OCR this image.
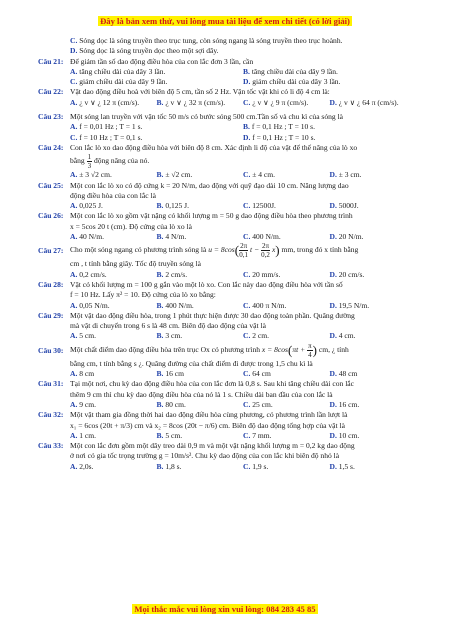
Đây là bản xem thử, vui lòng mua tài liệu để xem chi tiết (có lời giải)
C. Sóng dọc là sóng truyền theo trục tung, còn sóng ngang là sóng truyền theo trục hoành.
D. Sóng dọc là sóng truyền dọc theo một sợi dây.
Câu 21: Để giảm tần số dao động điều hòa của con lắc đơn 3 lần, cần
A. tăng chiều dài của dây 3 lần.	B. tăng chiều dài của dây 9 lần.
C. giảm chiều dài của dây 9 lần.	D. giảm chiều dài của dây 3 lần.
Câu 22: Vật dao động điều hoà với biên độ 5 cm, tần số 2 Hz. Vận tốc vật khi có li độ 4 cm là:
A. ¿ v ∨ ¿ 12 π (cm/s).	B. ¿ v ∨ ¿ 32 π (cm/s).	C. ¿ v ∨ ¿ 9 π (cm/s).	D. ¿ v ∨ ¿ 64 π (cm/s).
Câu 23: Một sóng lan truyền với vận tốc 50 m/s có bước sóng 500 cm.Tần số và chu kì của sóng là
A. f = 0,01 Hz ; T = 1 s.	B. f = 0,1 Hz ; T = 10 s.
C. f = 10 Hz ; T = 0,1 s.	D. f = 0,1 Hz ; T = 10 s.
Câu 24: Con lắc lò xo dao động điều hòa với biên độ 8 cm. Xác định li độ của vật để thế năng của lò xo
bằng $\frac{1}{3}$ động năng của nó.
A. ± 3 √2 cm.	B. ± √2 cm.	C. ± 4 cm.	D. ± 3 cm.
Câu 25: Một con lắc lò xo có độ cứng k = 20 N/m, dao động với quỹ đạo dài 10 cm. Năng lượng dao
động điều hòa của con lắc là
A. 0,025 J.	B. 0,125 J.	C. 12500J.	D. 5000J.
Câu 26: Một con lắc lò xo gồm vật nặng có khối lượng m = 50 g dao động điều hòa theo phương trình
x = 5cos 20 t (cm). Độ cứng của lò xo là
A. 40 N/m.	B. 4 N/m.	C. 400 N/m.	D. 20 N/m.
Câu 27: Cho một sóng ngang có phương trình sóng là $u = 8\cos( \frac{2\pi}{0,1}$ $t - \frac{2\pi}{0,2} x$) mm, trong đó x tính bằng
cm , t tính bằng giây. Tốc độ truyền sóng là
A. 0,2 cm/s.	B. 2 cm/s.	C. 20 mm/s.	D. 20 cm/s.
Câu 28: Vật có khối lượng m = 100 g gắn vào một lò xo. Con lắc này dao động điều hòa với tần số
f = 10 Hz. Lấy π² = 10. Độ cứng của lò xo bằng:
A. 0,05 N/m.	B. 400 N/m.	C. 400 π N/m.	D. 19,5 N/m.
Câu 29: Một vật dao động điều hòa, trong 1 phút thực hiện được 30 dao động toàn phần. Quãng đường
mà vật di chuyển trong 6 s là 48 cm. Biên độ dao động của vật là
A. 5 cm.	B. 3 cm.	C. 2 cm.	D. 4 cm.
Câu 30: Một chất điểm dao động điều hòa trên trục Ox có phương trình $x = 8\cos(\pi t + \frac{\pi}{4}$ ) cm, ¿ tính
bằng cm, t tính bằng s ¿. Quãng đường của chất điểm đi được trong 1,5 chu kì là
A. 8 cm	B. 16 cm	C. 64 cm	D. 48 cm
Câu 31: Tại một nơi, chu kỳ dao động điều hòa của con lắc đơn là 0,8 s. Sau khi tăng chiều dài con lắc
thêm 9 cm thì chu kỳ dao động điều hòa của nó là 1 s. Chiều dài ban đầu của con lắc là
A. 9 cm.	B. 80 cm.	C. 25 cm.	D. 16 cm.
Câu 32: Một vật tham gia đồng thời hai dao động điều hòa cùng phương, có phương trình lần lượt là
x₁ = 6cos (20t + π/3) cm và x₂ = 8cos (20t − π/6) cm. Biên độ dao động tổng hợp của vật là
A. 1 cm.	B. 5 cm.	C. 7 mm.	D. 10 cm.
Câu 33: Một con lắc đơn gồm một dây treo dài 0,9 m và một vật nặng khối lượng m = 0,2 kg dao động
ở nơi có gia tốc trọng trường g = 10m/s². Chu kỳ dao động của con lắc khi biên độ nhỏ là
A. 2,0s.	B. 1,8 s.	C. 1,9 s.	D. 1,5 s.
Mọi thắc mắc vui lòng xin vui lòng: 084 283 45 85
